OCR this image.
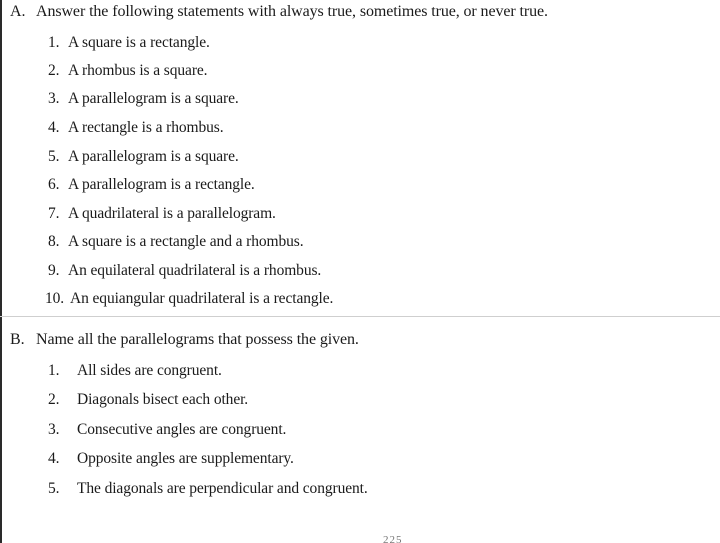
A. Answer the following statements with always true, sometimes true, or never true.
1. A square is a rectangle.
2. A rhombus is a square.
3. A parallelogram is a square.
4. A rectangle is a rhombus.
5. A parallelogram is a square.
6. A parallelogram is a rectangle.
7. A quadrilateral is a parallelogram.
8. A square is a rectangle and a rhombus.
9. An equilateral quadrilateral is a rhombus.
10. An equiangular quadrilateral is a rectangle.
B. Name all the parallelograms that possess the given.
1. All sides are congruent.
2. Diagonals bisect each other.
3. Consecutive angles are congruent.
4. Opposite angles are supplementary.
5. The diagonals are perpendicular and congruent.
225
